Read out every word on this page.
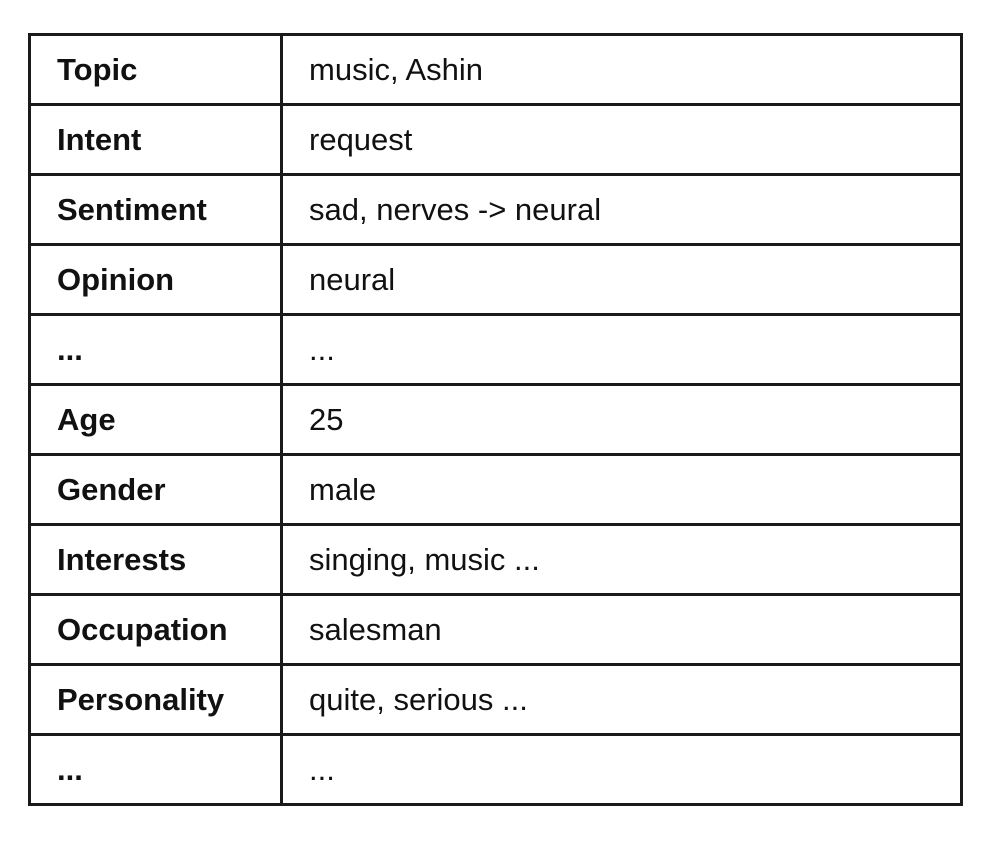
Topic	music, Ashin
Intent	request
Sentiment	sad, nerves -> neural
Opinion	neural
...	...
Age	25
Gender	male
Interests	singing, music ...
Occupation	salesman
Personality	quite, serious ...
...	...
